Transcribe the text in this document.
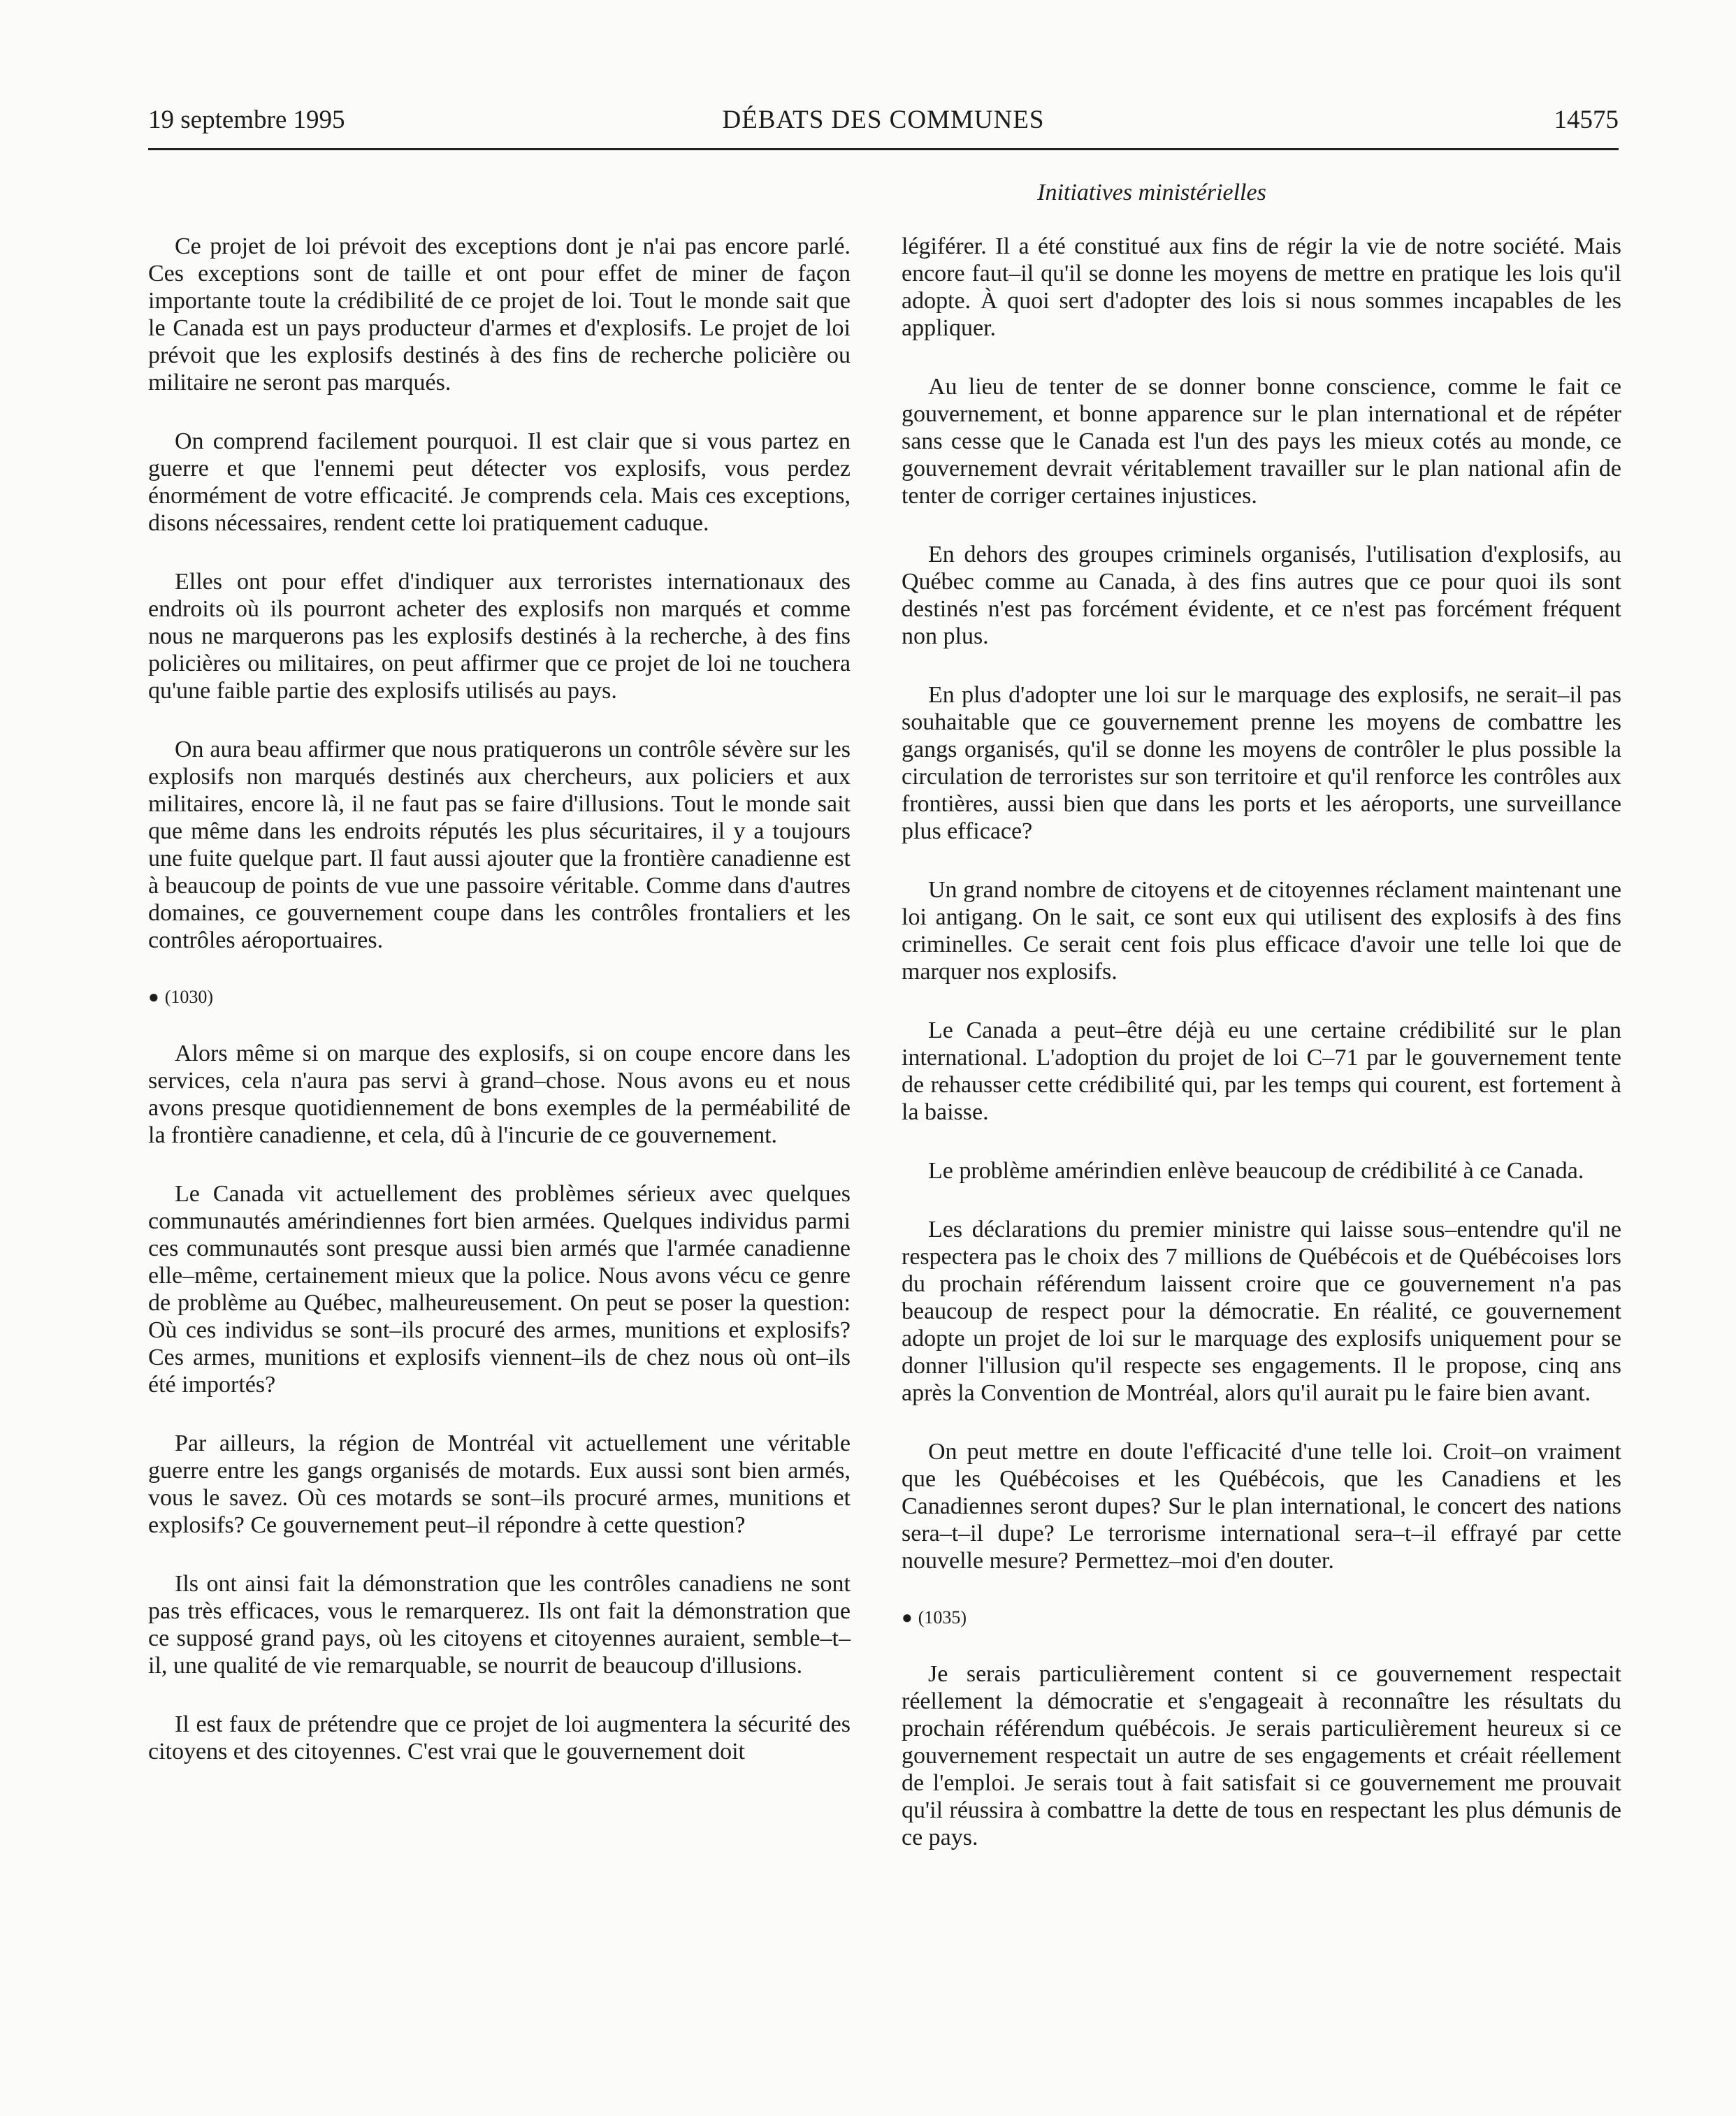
DÉBATS DES COMMUNES
19 septembre 1995	14575
Initiatives ministérielles

Ce projet de loi prévoit des exceptions dont je n'ai pas encore parlé. Ces exceptions sont de taille et ont pour effet de miner de façon importante toute la crédibilité de ce projet de loi. Tout le monde sait que le Canada est un pays producteur d'armes et d'explosifs. Le projet de loi prévoit que les explosifs destinés à des fins de recherche policière ou militaire ne seront pas marqués.

On comprend facilement pourquoi. Il est clair que si vous partez en guerre et que l'ennemi peut détecter vos explosifs, vous perdez énormément de votre efficacité. Je comprends cela. Mais ces exceptions, disons nécessaires, rendent cette loi pratiquement caduque.

Elles ont pour effet d'indiquer aux terroristes internationaux des endroits où ils pourront acheter des explosifs non marqués et comme nous ne marquerons pas les explosifs destinés à la recherche, à des fins policières ou militaires, on peut affirmer que ce projet de loi ne touchera qu'une faible partie des explosifs utilisés au pays.

On aura beau affirmer que nous pratiquerons un contrôle sévère sur les explosifs non marqués destinés aux chercheurs, aux policiers et aux militaires, encore là, il ne faut pas se faire d'illusions. Tout le monde sait que même dans les endroits réputés les plus sécuritaires, il y a toujours une fuite quelque part. Il faut aussi ajouter que la frontière canadienne est à beaucoup de points de vue une passoire véritable. Comme dans d'autres domaines, ce gouvernement coupe dans les contrôles frontaliers et les contrôles aéroportuaires.

● (1030)

Alors même si on marque des explosifs, si on coupe encore dans les services, cela n'aura pas servi à grand–chose. Nous avons eu et nous avons presque quotidiennement de bons exemples de la perméabilité de la frontière canadienne, et cela, dû à l'incurie de ce gouvernement.

Le Canada vit actuellement des problèmes sérieux avec quelques communautés amérindiennes fort bien armées. Quelques individus parmi ces communautés sont presque aussi bien armés que l'armée canadienne elle–même, certainement mieux que la police. Nous avons vécu ce genre de problème au Québec, malheureusement. On peut se poser la question: Où ces individus se sont–ils procuré des armes, munitions et explosifs? Ces armes, munitions et explosifs viennent–ils de chez nous où ont–ils été importés?

Par ailleurs, la région de Montréal vit actuellement une véritable guerre entre les gangs organisés de motards. Eux aussi sont bien armés, vous le savez. Où ces motards se sont–ils procuré armes, munitions et explosifs? Ce gouvernement peut–il répondre à cette question?

Ils ont ainsi fait la démonstration que les contrôles canadiens ne sont pas très efficaces, vous le remarquerez. Ils ont fait la démonstration que ce supposé grand pays, où les citoyens et citoyennes auraient, semble–t–il, une qualité de vie remarquable, se nourrit de beaucoup d'illusions.

Il est faux de prétendre que ce projet de loi augmentera la sécurité des citoyens et des citoyennes. C'est vrai que le gouvernement doit

légiférer. Il a été constitué aux fins de régir la vie de notre société. Mais encore faut–il qu'il se donne les moyens de mettre en pratique les lois qu'il adopte. À quoi sert d'adopter des lois si nous sommes incapables de les appliquer.

Au lieu de tenter de se donner bonne conscience, comme le fait ce gouvernement, et bonne apparence sur le plan international et de répéter sans cesse que le Canada est l'un des pays les mieux cotés au monde, ce gouvernement devrait véritablement travailler sur le plan national afin de tenter de corriger certaines injustices.

En dehors des groupes criminels organisés, l'utilisation d'explosifs, au Québec comme au Canada, à des fins autres que ce pour quoi ils sont destinés n'est pas forcément évidente, et ce n'est pas forcément fréquent non plus.

En plus d'adopter une loi sur le marquage des explosifs, ne serait–il pas souhaitable que ce gouvernement prenne les moyens de combattre les gangs organisés, qu'il se donne les moyens de contrôler le plus possible la circulation de terroristes sur son territoire et qu'il renforce les contrôles aux frontières, aussi bien que dans les ports et les aéroports, une surveillance plus efficace?

Un grand nombre de citoyens et de citoyennes réclament maintenant une loi antigang. On le sait, ce sont eux qui utilisent des explosifs à des fins criminelles. Ce serait cent fois plus efficace d'avoir une telle loi que de marquer nos explosifs.

Le Canada a peut–être déjà eu une certaine crédibilité sur le plan international. L'adoption du projet de loi C–71 par le gouvernement tente de rehausser cette crédibilité qui, par les temps qui courent, est fortement à la baisse.

Le problème amérindien enlève beaucoup de crédibilité à ce Canada.

Les déclarations du premier ministre qui laisse sous–entendre qu'il ne respectera pas le choix des 7 millions de Québécois et de Québécoises lors du prochain référendum laissent croire que ce gouvernement n'a pas beaucoup de respect pour la démocratie. En réalité, ce gouvernement adopte un projet de loi sur le marquage des explosifs uniquement pour se donner l'illusion qu'il respecte ses engagements. Il le propose, cinq ans après la Convention de Montréal, alors qu'il aurait pu le faire bien avant.

On peut mettre en doute l'efficacité d'une telle loi. Croit–on vraiment que les Québécoises et les Québécois, que les Canadiens et les Canadiennes seront dupes? Sur le plan international, le concert des nations sera–t–il dupe? Le terrorisme international sera–t–il effrayé par cette nouvelle mesure? Permettez–moi d'en douter.

● (1035)

Je serais particulièrement content si ce gouvernement respectait réellement la démocratie et s'engageait à reconnaître les résultats du prochain référendum québécois. Je serais particulièrement heureux si ce gouvernement respectait un autre de ses engagements et créait réellement de l'emploi. Je serais tout à fait satisfait si ce gouvernement me prouvait qu'il réussira à combattre la dette de tous en respectant les plus démunis de ce pays.
